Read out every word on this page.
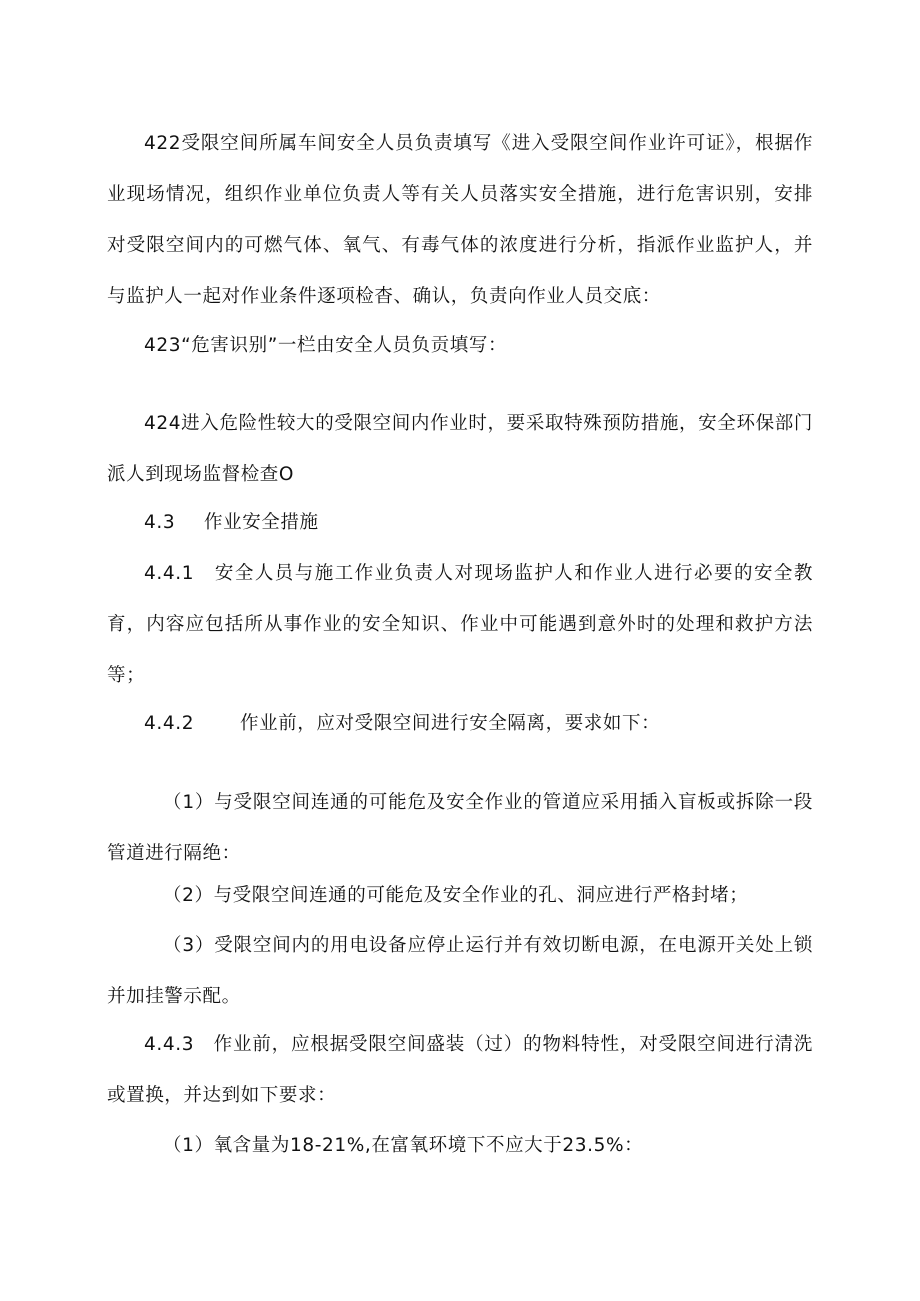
422受限空间所属车间安全人员负责填写《进入受限空间作业许可证》，根据作业现场情况，组织作业单位负责人等有关人员落实安全措施，进行危害识别，安排对受限空间内的可燃气体、氧气、有毒气体的浓度进行分析，指派作业监护人，并与监护人一起对作业条件逐项检杳、确认，负责向作业人员交底：

423“危害识别”一栏由安全人员负贡填写：

424进入危险性较大的受限空间内作业时，要采取特殊预防措施，安全环保部门派人到现场监督检查O

4.3 作业安全措施

4.4.1　安全人员与施工作业负责人对现场监护人和作业人进行必要的安全教育，内容应包括所从事作业的安全知识、作业中可能遇到意外时的处理和救护方法等；

4.4.2 作业前，应对受限空间进行安全隔离，要求如下：

（1）与受限空间连通的可能危及安全作业的管道应采用插入盲板或拆除一段管道进行隔绝：

（2）与受限空间连通的可能危及安全作业的孔、洞应进行严格封堵；

（3）受限空间内的用电设备应停止运行并有效切断电源，在电源开关处上锁并加挂警示配。

4.4.3　作业前，应根据受限空间盛装（过）的物料特性，对受限空间进行清洗或置换，并达到如下要求：

（1）氧含量为18-21%,在富氧环境下不应大于23.5%：
